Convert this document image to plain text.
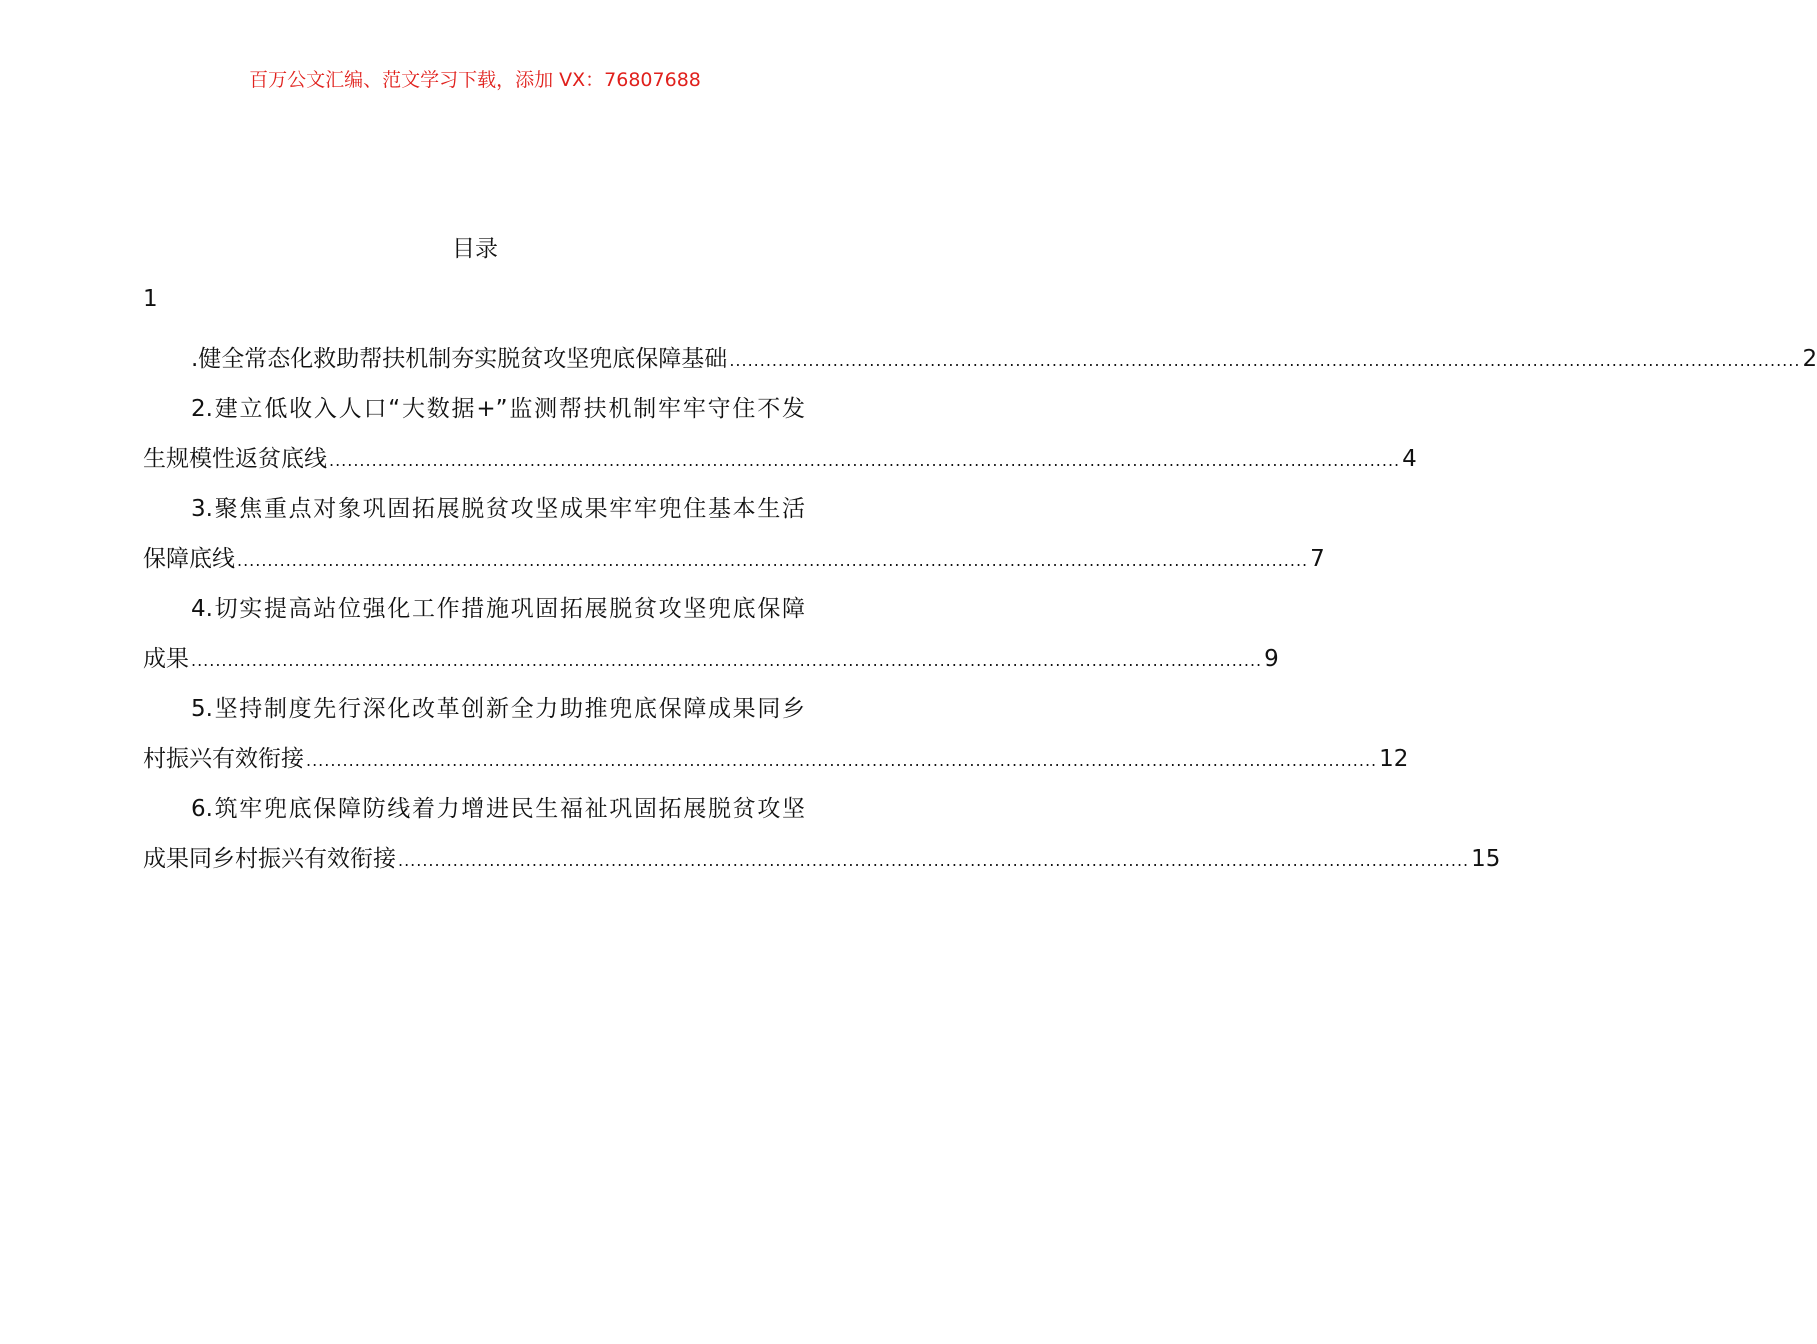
百万公文汇编、范文学习下载，添加 VX：76807688
目录
1
.健全常态化救助帮扶机制夯实脱贫攻坚兜底保障基础 ................................................................................................................................................................................ 2
2.建立低收入人口“大数据+”监测帮扶机制牢牢守住不发
生规模性返贫底线 ................................................................................................................................................................................ 4
3.聚焦重点对象巩固拓展脱贫攻坚成果牢牢兜住基本生活
保障底线 ................................................................................................................................................................................ 7
4.切实提高站位强化工作措施巩固拓展脱贫攻坚兜底保障
成果 ................................................................................................................................................................................ 9
5.坚持制度先行深化改革创新全力助推兜底保障成果同乡
村振兴有效衔接 ................................................................................................................................................................................ 12
6.筑牢兜底保障防线着力增进民生福祉巩固拓展脱贫攻坚
成果同乡村振兴有效衔接 ................................................................................................................................................................................ 15
